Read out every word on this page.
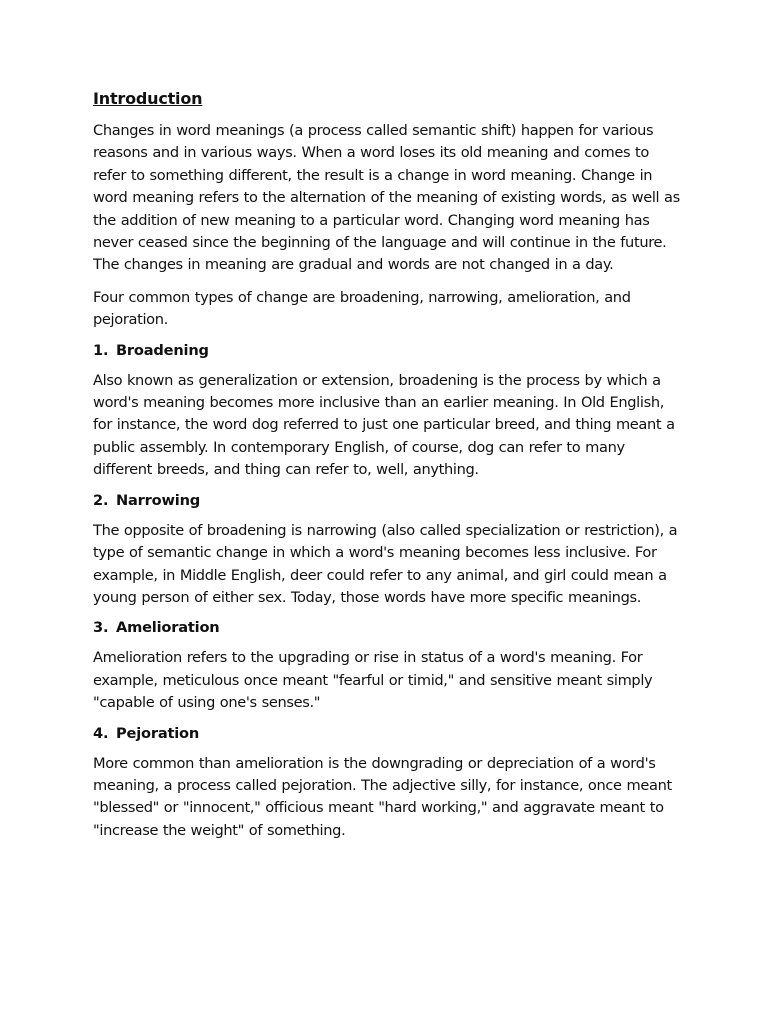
Introduction

Changes in word meanings (a process called semantic shift) happen for various reasons and in various ways. When a word loses its old meaning and comes to refer to something different, the result is a change in word meaning. Change in word meaning refers to the alternation of the meaning of existing words, as well as the addition of new meaning to a particular word. Changing word meaning has never ceased since the beginning of the language and will continue in the future. The changes in meaning are gradual and words are not changed in a day.

Four common types of change are broadening, narrowing, amelioration, and pejoration.

1. Broadening

Also known as generalization or extension, broadening is the process by which a word's meaning becomes more inclusive than an earlier meaning. In Old English, for instance, the word dog referred to just one particular breed, and thing meant a public assembly. In contemporary English, of course, dog can refer to many different breeds, and thing can refer to, well, anything.

2. Narrowing

The opposite of broadening is narrowing (also called specialization or restriction), a type of semantic change in which a word's meaning becomes less inclusive. For example, in Middle English, deer could refer to any animal, and girl could mean a young person of either sex. Today, those words have more specific meanings.

3. Amelioration

Amelioration refers to the upgrading or rise in status of a word's meaning. For example, meticulous once meant "fearful or timid," and sensitive meant simply "capable of using one's senses."

4. Pejoration

More common than amelioration is the downgrading or depreciation of a word's meaning, a process called pejoration. The adjective silly, for instance, once meant "blessed" or "innocent," officious meant "hard working," and aggravate meant to "increase the weight" of something.
